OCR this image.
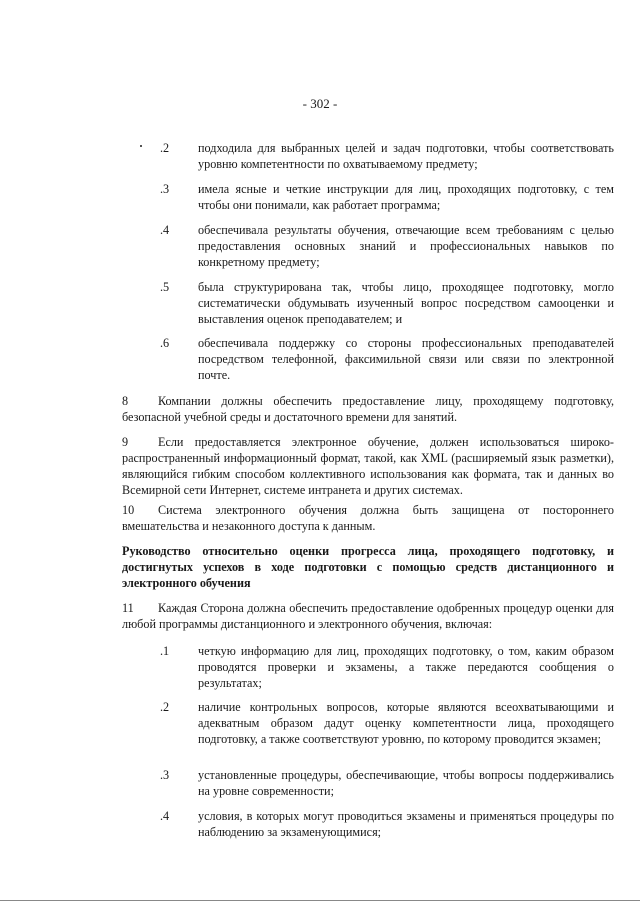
- 302 -
.2 подходила для выбранных целей и задач подготовки, чтобы соответствовать уровню компетентности по охватываемому предмету;
.3 имела ясные и четкие инструкции для лиц, проходящих подготовку, с тем чтобы они понимали, как работает программа;
.4 обеспечивала результаты обучения, отвечающие всем требованиям с целью предоставления основных знаний и профессиональных навыков по конкретному предмету;
.5 была структурирована так, чтобы лицо, проходящее подготовку, могло систематически обдумывать изученный вопрос посредством самооценки и выставления оценок преподавателем; и
.6 обеспечивала поддержку со стороны профессиональных преподавателей посредством телефонной, факсимильной связи или связи по электронной почте.
8 Компании должны обеспечить предоставление лицу, проходящему подготовку, безопасной учебной среды и достаточного времени для занятий.
9 Если предоставляется электронное обучение, должен использоваться широко-распространенный информационный формат, такой, как XML (расширяемый язык разметки), являющийся гибким способом коллективного использования как формата, так и данных во Всемирной сети Интернет, системе интранета и других системах.
10 Система электронного обучения должна быть защищена от постороннего вмешательства и незаконного доступа к данным.
Руководство относительно оценки прогресса лица, проходящего подготовку, и достигнутых успехов в ходе подготовки с помощью средств дистанционного и электронного обучения
11 Каждая Сторона должна обеспечить предоставление одобренных процедур оценки для любой программы дистанционного и электронного обучения, включая:
.1 четкую информацию для лиц, проходящих подготовку, о том, каким образом проводятся проверки и экзамены, а также передаются сообщения о результатах;
.2 наличие контрольных вопросов, которые являются всеохватывающими и адекватным образом дадут оценку компетентности лица, проходящего подготовку, а также соответствуют уровню, по которому проводится экзамен;
.3 установленные процедуры, обеспечивающие, чтобы вопросы поддерживались на уровне современности;
.4 условия, в которых могут проводиться экзамены и применяться процедуры по наблюдению за экзаменующимися;
